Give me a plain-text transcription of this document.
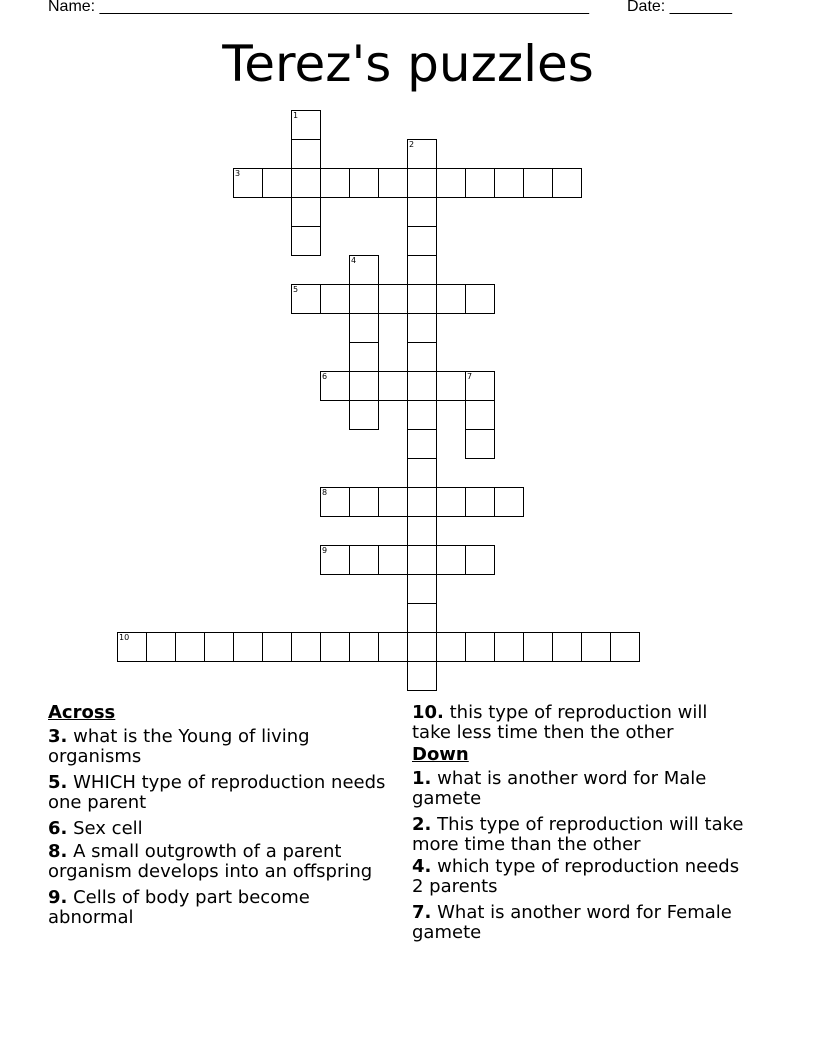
Name: _______________________________________________________ Date: _______
Terez's puzzles
1
2
3
4
5
6	7
8
9
10
Across
3. what is the Young of living organisms
5. WHICH type of reproduction needs one parent
6. Sex cell
8. A small outgrowth of a parent organism develops into an offspring
9. Cells of body part become abnormal
10. this type of reproduction will take less time then the other
Down
1. what is another word for Male gamete
2. This type of reproduction will take more time than the other
4. which type of reproduction needs 2 parents
7. What is another word for Female gamete
